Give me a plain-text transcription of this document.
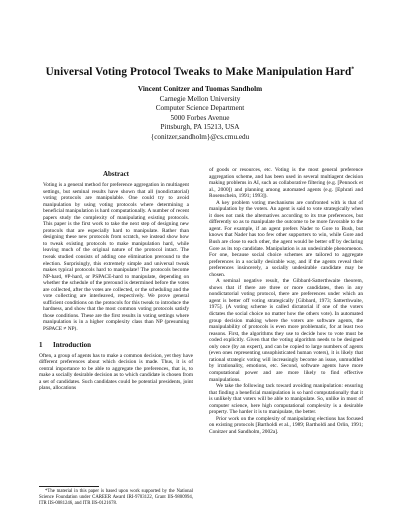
Universal Voting Protocol Tweaks to Make Manipulation Hard*
Vincent Conitzer and Tuomas Sandholm
Carnegie Mellon University
Computer Science Department
5000 Forbes Avenue
Pittsburgh, PA 15213, USA
{conitzer,sandholm}@cs.cmu.edu
Abstract

Voting is a general method for preference aggregation in multiagent settings, but seminal results have shown that all (nondictatorial) voting protocols are manipulable. One could try to avoid manipulation by using voting protocols where determining a beneficial manipulation is hard computationally. A number of recent papers study the complexity of manipulating existing protocols. This paper is the first work to take the next step of designing new protocols that are especially hard to manipulate. Rather than designing these new protocols from scratch, we instead show how to tweak existing protocols to make manipulation hard, while leaving much of the original nature of the protocol intact. The tweak studied consists of adding one elimination preround to the election. Surprisingly, this extremely simple and universal tweak makes typical protocols hard to manipulate! The protocols become NP-hard, #P-hard, or PSPACE-hard to manipulate, depending on whether the schedule of the preround is determined before the votes are collected, after the votes are collected, or the scheduling and the vote collecting are interleaved, respectively. We prove general sufficient conditions on the protocols for this tweak to introduce the hardness, and show that the most common voting protocols satisfy those conditions. These are the first results in voting settings where manipulation is in a higher complexity class than NP (presuming PSPACE ≠ NP).

1 Introduction

Often, a group of agents has to make a common decision, yet they have different preferences about which decision is made. Thus, it is of central importance to be able to aggregate the preferences, that is, to make a socially desirable decision as to which candidate is chosen from a set of candidates. Such candidates could be potential presidents, joint plans, allocations

*The material in this paper is based upon work supported by the National Science Foundation under CAREER Award IRI-9703122, Grant IIS-9800994, ITR IIS-0081246, and ITR IIS-0121678.

of goods or resources, etc. Voting is the most general preference aggregation scheme, and has been used in several multiagent decision making problems in AI, such as collaborative filtering (e.g. [Pennock et al., 2000]) and planning among automated agents (e.g. [Ephrati and Rosenschein, 1991; 1993]).

A key problem voting mechanisms are confronted with is that of manipulation by the voters. An agent is said to vote strategically when it does not rank the alternatives according to its true preferences, but differently so as to manipulate the outcome to be more favorable to the agent. For example, if an agent prefers Nader to Gore to Bush, but knows that Nader has too few other supporters to win, while Gore and Bush are close to each other, the agent would be better off by declaring Gore as its top candidate. Manipulation is an undesirable phenomenon. For one, because social choice schemes are tailored to aggregate preferences in a socially desirable way, and if the agents reveal their preferences insincerely, a socially undesirable candidate may be chosen.

A seminal negative result, the Gibbard-Satterthwaite theorem, shows that if there are three or more candidates, then in any nondictatorial voting protocol, there are preferences under which an agent is better off voting strategically [Gibbard, 1973; Satterthwaite, 1975]. (A voting scheme is called dictatorial if one of the voters dictates the social choice no matter how the others vote). In automated group decision making where the voters are software agents, the manipulability of protocols is even more problematic, for at least two reasons. First, the algorithms they use to decide how to vote must be coded explicitly. Given that the voting algorithm needs to be designed only once (by an expert), and can be copied to large numbers of agents (even ones representing unsophisticated human voters), it is likely that rational strategic voting will increasingly become an issue, unmuddled by irrationality, emotions, etc. Second, software agents have more computational power and are more likely to find effective manipulations.

We take the following tack toward avoiding manipulation: ensuring that finding a beneficial manipulation is so hard computationally that it is unlikely that voters will be able to manipulate. So, unlike in most of computer science, here high computational complexity is a desirable property. The harder it is to manipulate, the better.

Prior work on the complexity of manipulating elections has focused on existing protocols [Bartholdi et al., 1989; Bartholdi and Orlin, 1991; Conitzer and Sandholm, 2002a].
